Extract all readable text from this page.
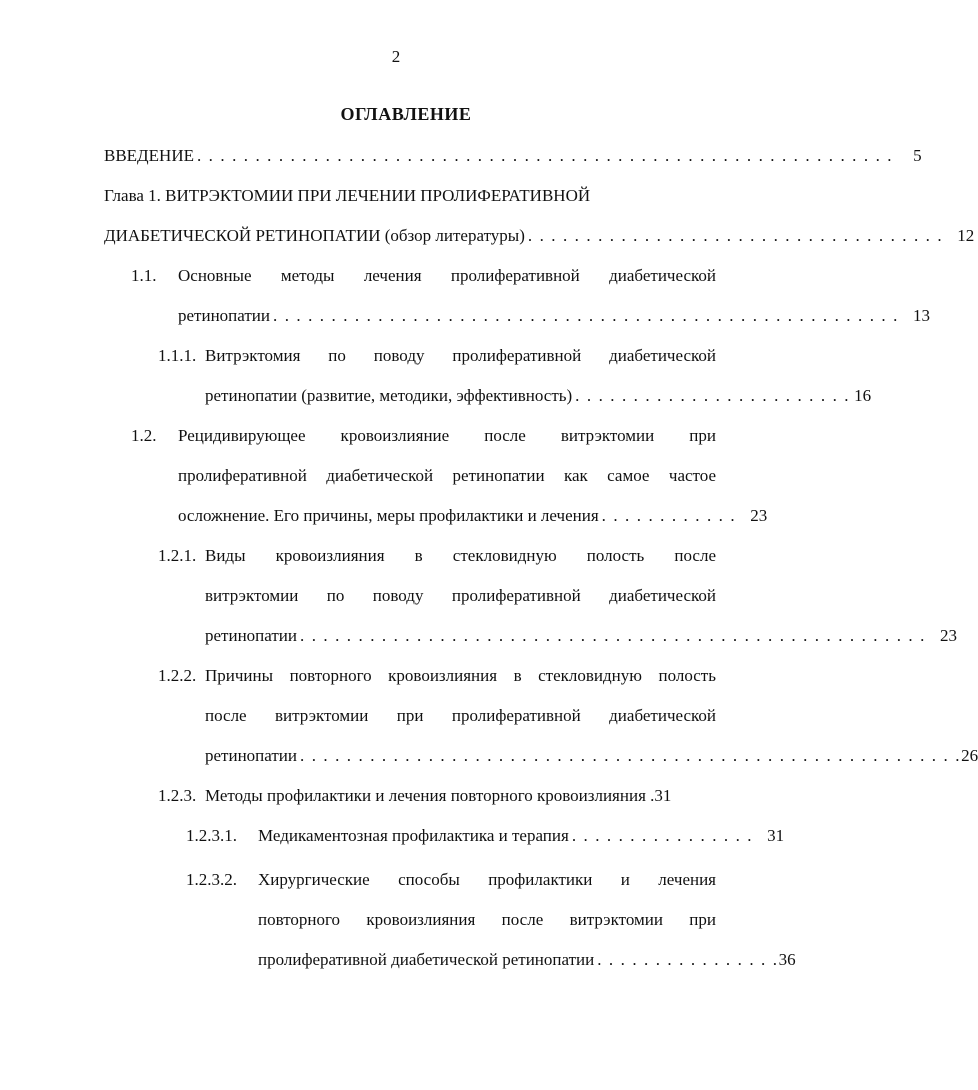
2
ОГЛАВЛЕНИЕ
ВВЕДЕНИЕ . . . . . . . . . . . . . . . . . . . . . . . . . . . . . . . . . . . . . . . . . . . . . . . . . . . . . . . . . . . . 5
Глава 1. ВИТРЭКТОМИИ ПРИ ЛЕЧЕНИИ ПРОЛИФЕРАТИВНОЙ
ДИАБЕТИЧЕСКОЙ РЕТИНОПАТИИ (обзор литературы) . . . . . . . . . . . . . . . . . . . . . . . . . . . . . . . . . . . . 12
1.1. Основные методы лечения пролиферативной диабетической
ретинопатии . . . . . . . . . . . . . . . . . . . . . . . . . . . . . . . . . . . . . . . . . . . . . . . . . . . . . . 13
1.1.1. Витрэктомия по поводу пролиферативной диабетической
ретинопатии (развитие, методики, эффективность) . . . . . . . . . . . . . . . . . . . . . . . . 16
1.2. Рецидивирующее кровоизлияние после витрэктомии при
пролиферативной диабетической ретинопатии как самое частое
осложнение. Его причины, меры профилактики и лечения . . . . . . . . . . . . 23
1.2.1. Виды кровоизлияния в стекловидную полость после
витрэктомии по поводу пролиферативной диабетической
ретинопатии . . . . . . . . . . . . . . . . . . . . . . . . . . . . . . . . . . . . . . . . . . . . . . . . . . . . . . 23
1.2.2. Причины повторного кровоизлияния в стекловидную полость
после витрэктомии при пролиферативной диабетической
ретинопатии . . . . . . . . . . . . . . . . . . . . . . . . . . . . . . . . . . . . . . . . . . . . . . . . . . . . . . . . . 26
1.2.3. Методы профилактики и лечения повторного кровоизлияния .31
1.2.3.1. Медикаментозная профилактика и терапия . . . . . . . . . . . . . . . . 31
1.2.3.2. Хирургические способы профилактики и лечения
повторного кровоизлияния после витрэктомии при
пролиферативной диабетической ретинопатии . . . . . . . . . . . . . . . . 36
